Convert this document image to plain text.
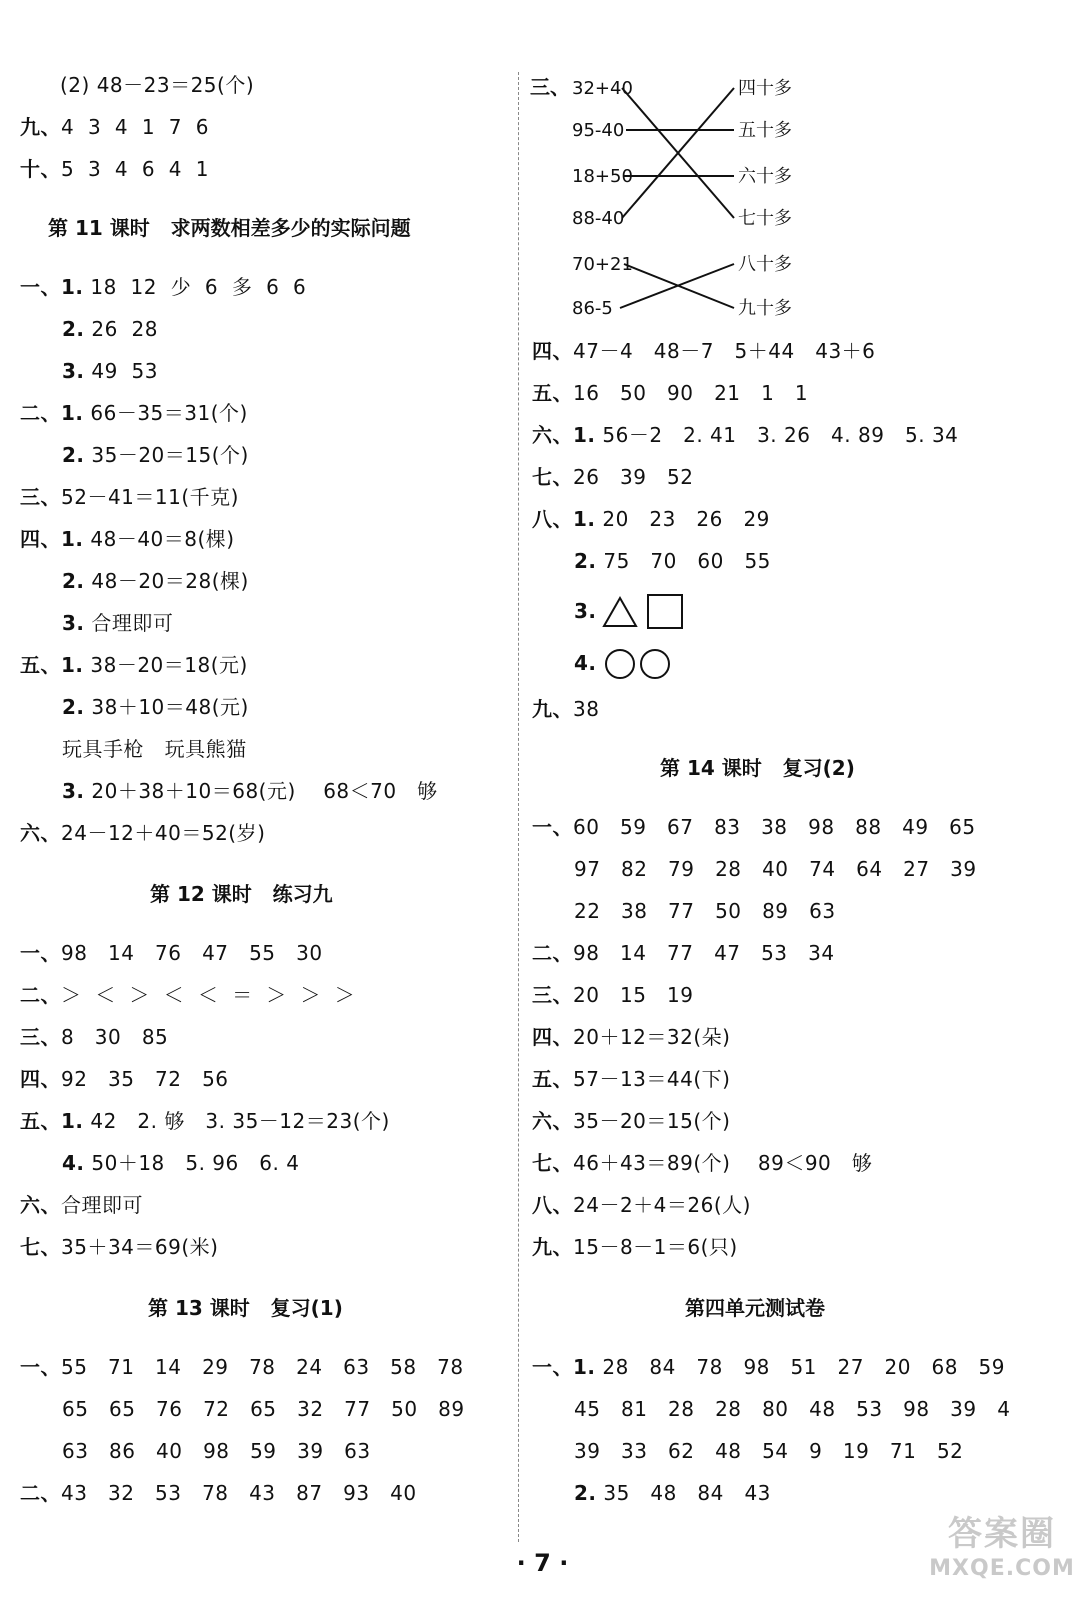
(2) 48－23＝25(个)
九、4  3  4  1  7  6
十、5  3  4  6  4  1
第 11 课时   求两数相差多少的实际问题
一、1. 18  12  少  6  多  6  6
2. 26  28
3. 49  53
二、1. 66－35＝31(个)
2. 35－20＝15(个)
三、52－41＝11(千克)
四、1. 48－40＝8(棵)
2. 48－20＝28(棵)
3. 合理即可
五、1. 38－20＝18(元)
2. 38＋10＝48(元)
玩具手枪   玩具熊猫
3. 20＋38＋10＝68(元)    68＜70   够
六、24－12＋40＝52(岁)
第 12 课时   练习九
一、98   14   76   47   55   30
二、＞  ＜  ＞  ＜  ＜  ＝  ＞  ＞  ＞
三、8   30   85
四、92   35   72   56
五、1. 42   2. 够   3. 35－12＝23(个)
4. 50＋18   5. 96   6. 4
六、合理即可
七、35＋34＝69(米)
第 13 课时   复习(1)
一、55   71   14   29   78   24   63   58   78
65   65   76   72   65   32   77   50   89
63   86   40   98   59   39   63
二、43   32   53   78   43   87   93   40
三、 32+40
95-40
18+50
88-40
70+21
86-5
四十多
五十多
六十多
七十多
八十多
九十多
四、47－4   48－7   5＋44   43＋6
五、16   50   90   21   1   1
六、1. 56－2   2. 41   3. 26   4. 89   5. 34
七、26   39   52
八、1. 20   23   26   29
2. 75   70   60   55
3.
4.
九、38
第 14 课时   复习(2)
一、60   59   67   83   38   98   88   49   65
97   82   79   28   40   74   64   27   39
22   38   77   50   89   63
二、98   14   77   47   53   34
三、20   15   19
四、20＋12＝32(朵)
五、57－13＝44(下)
六、35－20＝15(个)
七、46＋43＝89(个)    89＜90   够
八、24－2＋4＝26(人)
九、15－8－1＝6(只)
第四单元测试卷
一、1. 28   84   78   98   51   27   20   68   59
45   81   28   28   80   48   53   98   39   4
39   33   62   48   54   9   19   71   52
2. 35   48   84   43
· 7 ·
答案圈
MXQE.COM
